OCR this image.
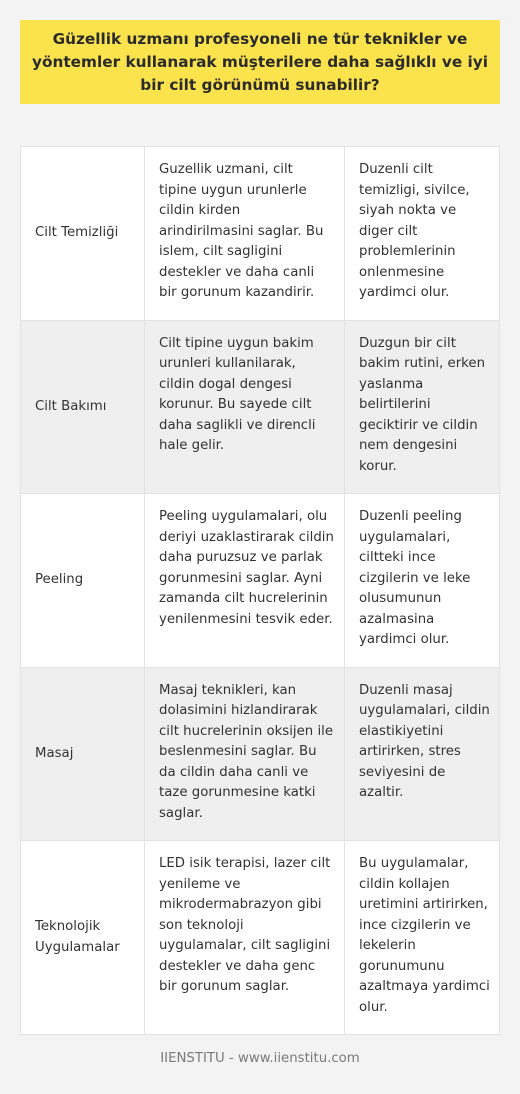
Güzellik uzmanı profesyoneli ne tür teknikler ve yöntemler kullanarak müşterilere daha sağlıklı ve iyi bir cilt görünümü sunabilir?
Cilt Temizliği
Guzellik uzmani, cilt tipine uygun urunlerle cildin kirden arindirilmasini saglar. Bu islem, cilt sagligini destekler ve daha canli bir gorunum kazandirir.
Duzenli cilt temizligi, sivilce, siyah nokta ve diger cilt problemlerinin onlenmesine yardimci olur.
Cilt Bakımı
Cilt tipine uygun bakim urunleri kullanilarak, cildin dogal dengesi korunur. Bu sayede cilt daha saglikli ve direncli hale gelir.
Duzgun bir cilt bakim rutini, erken yaslanma belirtilerini geciktirir ve cildin nem dengesini korur.
Peeling
Peeling uygulamalari, olu deriyi uzaklastirarak cildin daha puruzsuz ve parlak gorunmesini saglar. Ayni zamanda cilt hucrelerinin yenilenmesini tesvik eder.
Duzenli peeling uygulamalari, ciltteki ince cizgilerin ve leke olusumunun azalmasina yardimci olur.
Masaj
Masaj teknikleri, kan dolasimini hizlandirarak cilt hucrelerinin oksijen ile beslenmesini saglar. Bu da cildin daha canli ve taze gorunmesine katki saglar.
Duzenli masaj uygulamalari, cildin elastikiyetini artirirken, stres seviyesini de azaltir.
Teknolojik Uygulamalar
LED isik terapisi, lazer cilt yenileme ve mikrodermabrazyon gibi son teknoloji uygulamalar, cilt sagligini destekler ve daha genc bir gorunum saglar.
Bu uygulamalar, cildin kollajen uretimini artirirken, ince cizgilerin ve lekelerin gorunumunu azaltmaya yardimci olur.
IIENSTITU - www.iienstitu.com
